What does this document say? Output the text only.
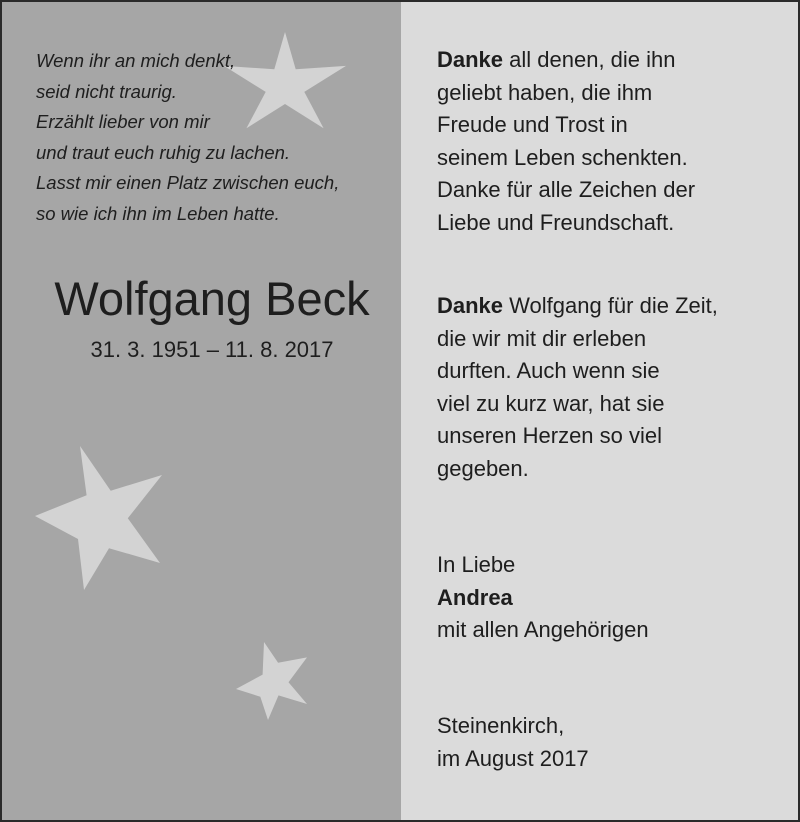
Wenn ihr an mich denkt,
seid nicht traurig.
Erzählt lieber von mir
und traut euch ruhig zu lachen.
Lasst mir einen Platz zwischen euch,
so wie ich ihn im Leben hatte.
Wolfgang Beck
31. 3. 1951 – 11. 8. 2017
Danke all denen, die ihn
geliebt haben, die ihm
Freude und Trost in
seinem Leben schenkten.
Danke für alle Zeichen der
Liebe und Freundschaft.
Danke Wolfgang für die Zeit,
die wir mit dir erleben
durften. Auch wenn sie
viel zu kurz war, hat sie
unseren Herzen so viel
gegeben.
In Liebe
Andrea
mit allen Angehörigen
Steinenkirch,
im August 2017
